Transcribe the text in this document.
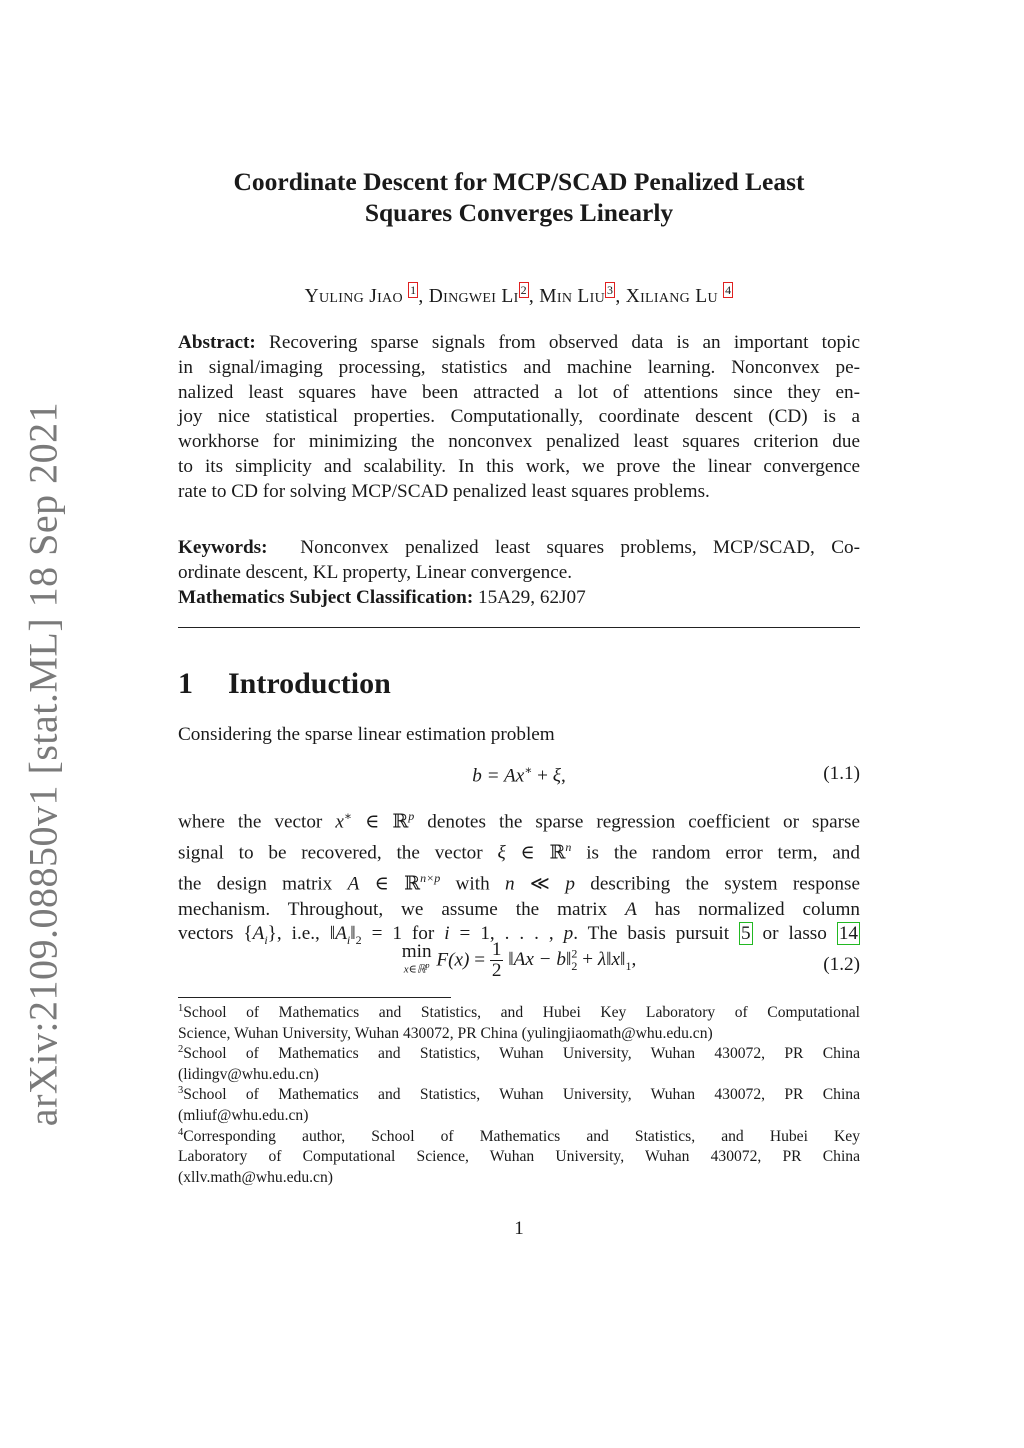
arXiv:2109.08850v1 [stat.ML] 18 Sep 2021
Coordinate Descent for MCP/SCAD Penalized Least
Squares Converges Linearly
Yuling Jiao $^1$ , Dingwei Li $^2$ , Min Liu $^3$ , Xiliang Lu $^4$
Abstract: Recovering sparse signals from observed data is an important topic
in signal/imaging processing, statistics and machine learning. Nonconvex pe-
nalized least squares have been attracted a lot of attentions since they en-
joy nice statistical properties. Computationally, coordinate descent (CD) is a
workhorse for minimizing the nonconvex penalized least squares criterion due
to its simplicity and scalability. In this work, we prove the linear convergence
rate to CD for solving MCP/SCAD penalized least squares problems.
Keywords: Nonconvex penalized least squares problems, MCP/SCAD, Co-
ordinate descent, KL property, Linear convergence.
Mathematics Subject Classification: 15A29, 62J07
1 Introduction
Considering the sparse linear estimation problem
b = Ax∗ + ξ,	(1.1)
where the vector x∗ ∈ ℝ$^p$ denotes the sparse regression coefficient or sparse
signal to be recovered, the vector ξ ∈ ℝ$^n$ is the random error term, and
the design matrix A ∈ ℝ$^{n\times p}$ with n ≪ p describing the system response
mechanism. Throughout, we assume the matrix A has normalized column
vectors $\{A_i\}$, i.e., $‖A_i‖_2 = 1$ for i = 1, . . . , p. The basis pursuit 5 or lasso 14
min
x∈ℝ$^p$ $F(x) = \frac{1}{2}$ ‖Ax − b‖$^2_2$ + $\lambda‖x‖_1$,	(1.2)
$^1$School of Mathematics and Statistics, and Hubei Key Laboratory of Computational
Science, Wuhan University, Wuhan 430072, PR China (yulingjiaomath@whu.edu.cn)
$^2$School of Mathematics and Statistics, Wuhan University, Wuhan 430072, PR China
(lidingv@whu.edu.cn)
$^3$School of Mathematics and Statistics, Wuhan University, Wuhan 430072, PR China
(mliuf@whu.edu.cn)
$^4$Corresponding author, School of Mathematics and Statistics, and Hubei Key
Laboratory of Computational Science, Wuhan University, Wuhan 430072, PR China
(xllv.math@whu.edu.cn)
1
